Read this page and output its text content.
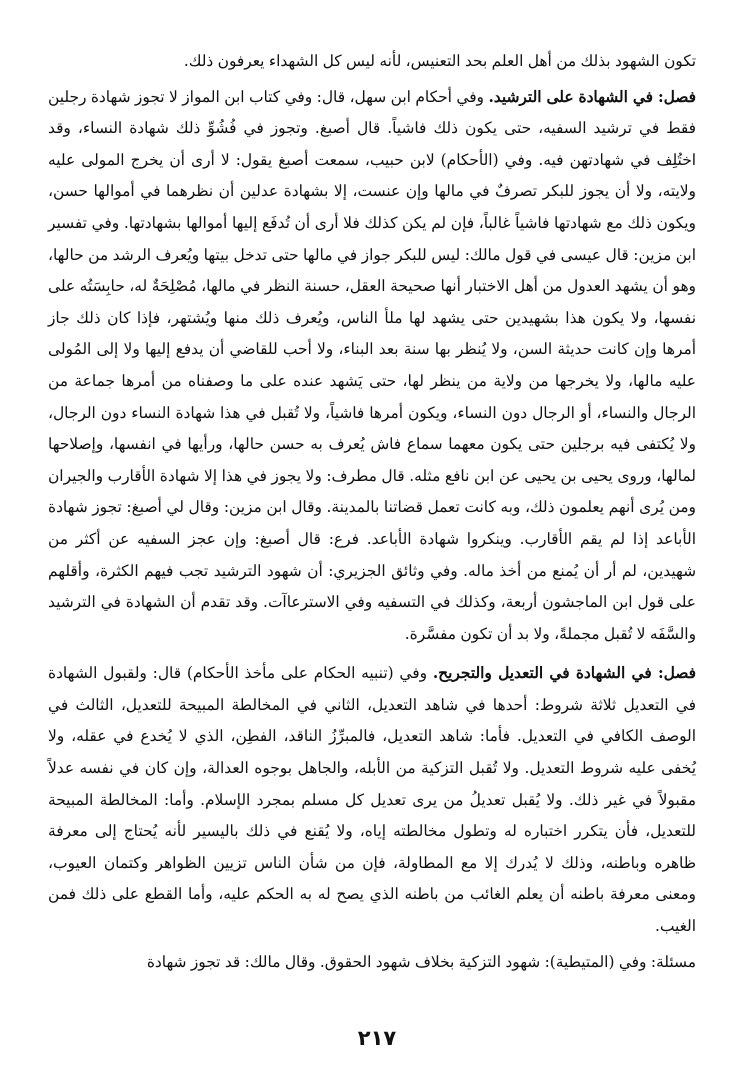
تكون الشهود بذلك من أهل العلم بحد التعنيس، لأنه ليس كل الشهداء يعرفون ذلك.

فصل: في الشهادة على الترشيد. وفي أحكام ابن سهل، قال: وفي كتاب ابن المواز لا تجوز شهادة رجلين فقط في ترشيد السفيه، حتى يكون ذلك فاشياً. قال أصبغ. وتجوز في فُشُوِّ ذلك شهادة النساء، وقد اختُلِف في شهادتهن فيه. وفي (الأحكام) لابن حبيب، سمعت أصبغ يقول: لا أرى أن يخرج المولى عليه ولايته، ولا أن يجوز للبكر تصرفٌ في مالها وإن عنست، إلا بشهادة عدلين أن نظرهما في أموالها حسن، ويكون ذلك مع شهادتها فاشياً غالباً، فإن لم يكن كذلك فلا أرى أن تُدفَع إليها أموالها بشهادتها. وفي تفسير ابن مزين: قال عيسى في قول مالك: ليس للبكر جواز في مالها حتى تدخل بيتها ويُعرف الرشد من حالها، وهو أن يشهد العدول من أهل الاختبار أنها صحيحة العقل، حسنة النظر في مالها، مُصْلِحَةٌ له، حابِسَتُه على نفسها، ولا يكون هذا بشهيدين حتى يشهد لها ملأ الناس، ويُعرف ذلك منها ويُشتهر، فإذا كان ذلك جاز أمرها وإن كانت حديثة السن، ولا يُنظر بها سنة بعد البناء، ولا أحب للقاضي أن يدفع إليها ولا إلى المُولى عليه مالها، ولا يخرجها من ولاية من ينظر لها، حتى يَشهد عنده على ما وصفناه من أمرها جماعة من الرجال والنساء، أو الرجال دون النساء، ويكون أمرها فاشياً، ولا تُقبل في هذا شهادة النساء دون الرجال، ولا يُكتفى فيه برجلين حتى يكون معهما سماع فاش يُعرف به حسن حالها، ورأيها في انفسها، وإصلاحها لمالها، وروى يحيى بن يحيى عن ابن نافع مثله. قال مطرف: ولا يجوز في هذا إلا شهادة الأقارب والجيران ومن يُرى أنهم يعلمون ذلك، وبه كانت تعمل قضاتنا بالمدينة. وقال ابن مزين: وقال لي أصبغ: تجوز شهادة الأباعد إذا لم يقم الأقارب. وينكروا شهادة الأباعد. فرع: قال أصبغ: وإن عجز السفيه عن أكثر من شهيدين، لم أر أن يُمنع من أخذ ماله. وفي وثائق الجزيري: أن شهود الترشيد تجب فيهم الكثرة، وأقلهم على قول ابن الماجشون أربعة، وكذلك في التسفيه وفي الاسترعاآت. وقد تقدم أن الشهادة في الترشيد والسَّفَه لا تُقبل مجملةً، ولا بد أن تكون مفسَّرة.

فصل: في الشهادة في التعديل والتجريح. وفي (تنبيه الحكام على مأخذ الأحكام) قال: ولقبول الشهادة في التعديل ثلاثة شروط: أحدها في شاهد التعديل، الثاني في المخالطة المبيحة للتعديل، الثالث في الوصف الكافي في التعديل. فأما: شاهد التعديل، فالمبرِّزُ الناقد، الفطِن، الذي لا يُخدع في عقله، ولا يُخفى عليه شروط التعديل. ولا تُقبل التزكية من الأبله، والجاهل بوجوه العدالة، وإن كان في نفسه عدلاً مقبولاً في غير ذلك. ولا يُقبل تعديلُ من يرى تعديل كل مسلم بمجرد الإسلام. وأما: المخالطة المبيحة للتعديل، فأن يتكرر اختباره له وتطول مخالطته إياه، ولا يُقنع في ذلك باليسير لأنه يُحتاج إلى معرفة ظاهره وباطنه، وذلك لا يُدرك إلا مع المطاولة، فإن من شأن الناس تزيين الظواهر وكتمان العيوب، ومعنى معرفة باطنه أن يعلم الغائب من باطنه الذي يصح له به الحكم عليه، وأما القطع على ذلك فمن الغيب.

مسئلة: وفي (المتيطية): شهود التزكية بخلاف شهود الحقوق. وقال مالك: قد تجوز شهادة

٢١٧
